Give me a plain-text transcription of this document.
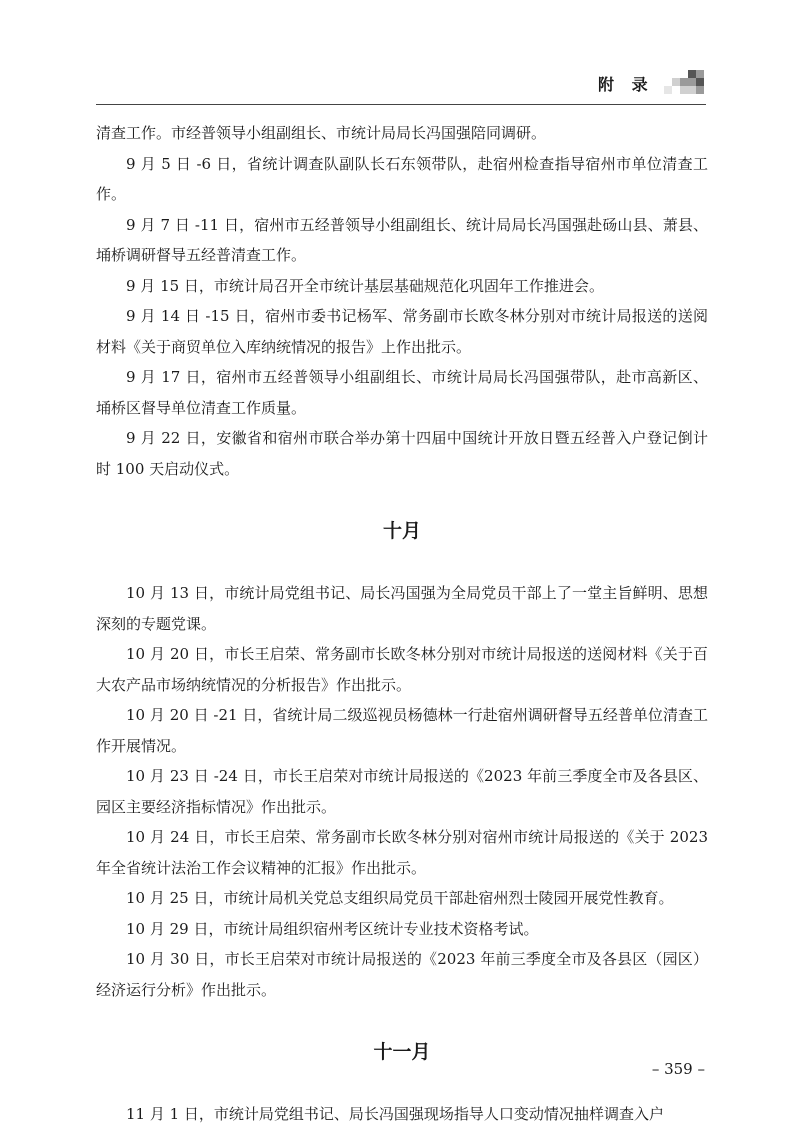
附 录

清查工作。市经普领导小组副组长、市统计局局长冯国强陪同调研。

9 月 5 日 -6 日，省统计调查队副队长石东领带队，赴宿州检查指导宿州市单位清查工作。

9 月 7 日 -11 日，宿州市五经普领导小组副组长、统计局局长冯国强赴砀山县、萧县、埇桥调研督导五经普清查工作。

9 月 15 日，市统计局召开全市统计基层基础规范化巩固年工作推进会。

9 月 14 日 -15 日，宿州市委书记杨军、常务副市长欧冬林分别对市统计局报送的送阅材料《关于商贸单位入库纳统情况的报告》上作出批示。

9 月 17 日，宿州市五经普领导小组副组长、市统计局局长冯国强带队，赴市高新区、埇桥区督导单位清查工作质量。

9 月 22 日，安徽省和宿州市联合举办第十四届中国统计开放日暨五经普入户登记倒计时 100 天启动仪式。

十月

10 月 13 日，市统计局党组书记、局长冯国强为全局党员干部上了一堂主旨鲜明、思想深刻的专题党课。

10 月 20 日，市长王启荣、常务副市长欧冬林分别对市统计局报送的送阅材料《关于百大农产品市场纳统情况的分析报告》作出批示。

10 月 20 日 -21 日，省统计局二级巡视员杨德林一行赴宿州调研督导五经普单位清查工作开展情况。

10 月 23 日 -24 日，市长王启荣对市统计局报送的《2023 年前三季度全市及各县区、园区主要经济指标情况》作出批示。

10 月 24 日，市长王启荣、常务副市长欧冬林分别对宿州市统计局报送的《关于 2023 年全省统计法治工作会议精神的汇报》作出批示。

10 月 25 日，市统计局机关党总支组织局党员干部赴宿州烈士陵园开展党性教育。

10 月 29 日，市统计局组织宿州考区统计专业技术资格考试。

10 月 30 日，市长王启荣对市统计局报送的《2023 年前三季度全市及各县区（园区）经济运行分析》作出批示。

十一月

11 月 1 日，市统计局党组书记、局长冯国强现场指导人口变动情况抽样调查入户

– 359 –
